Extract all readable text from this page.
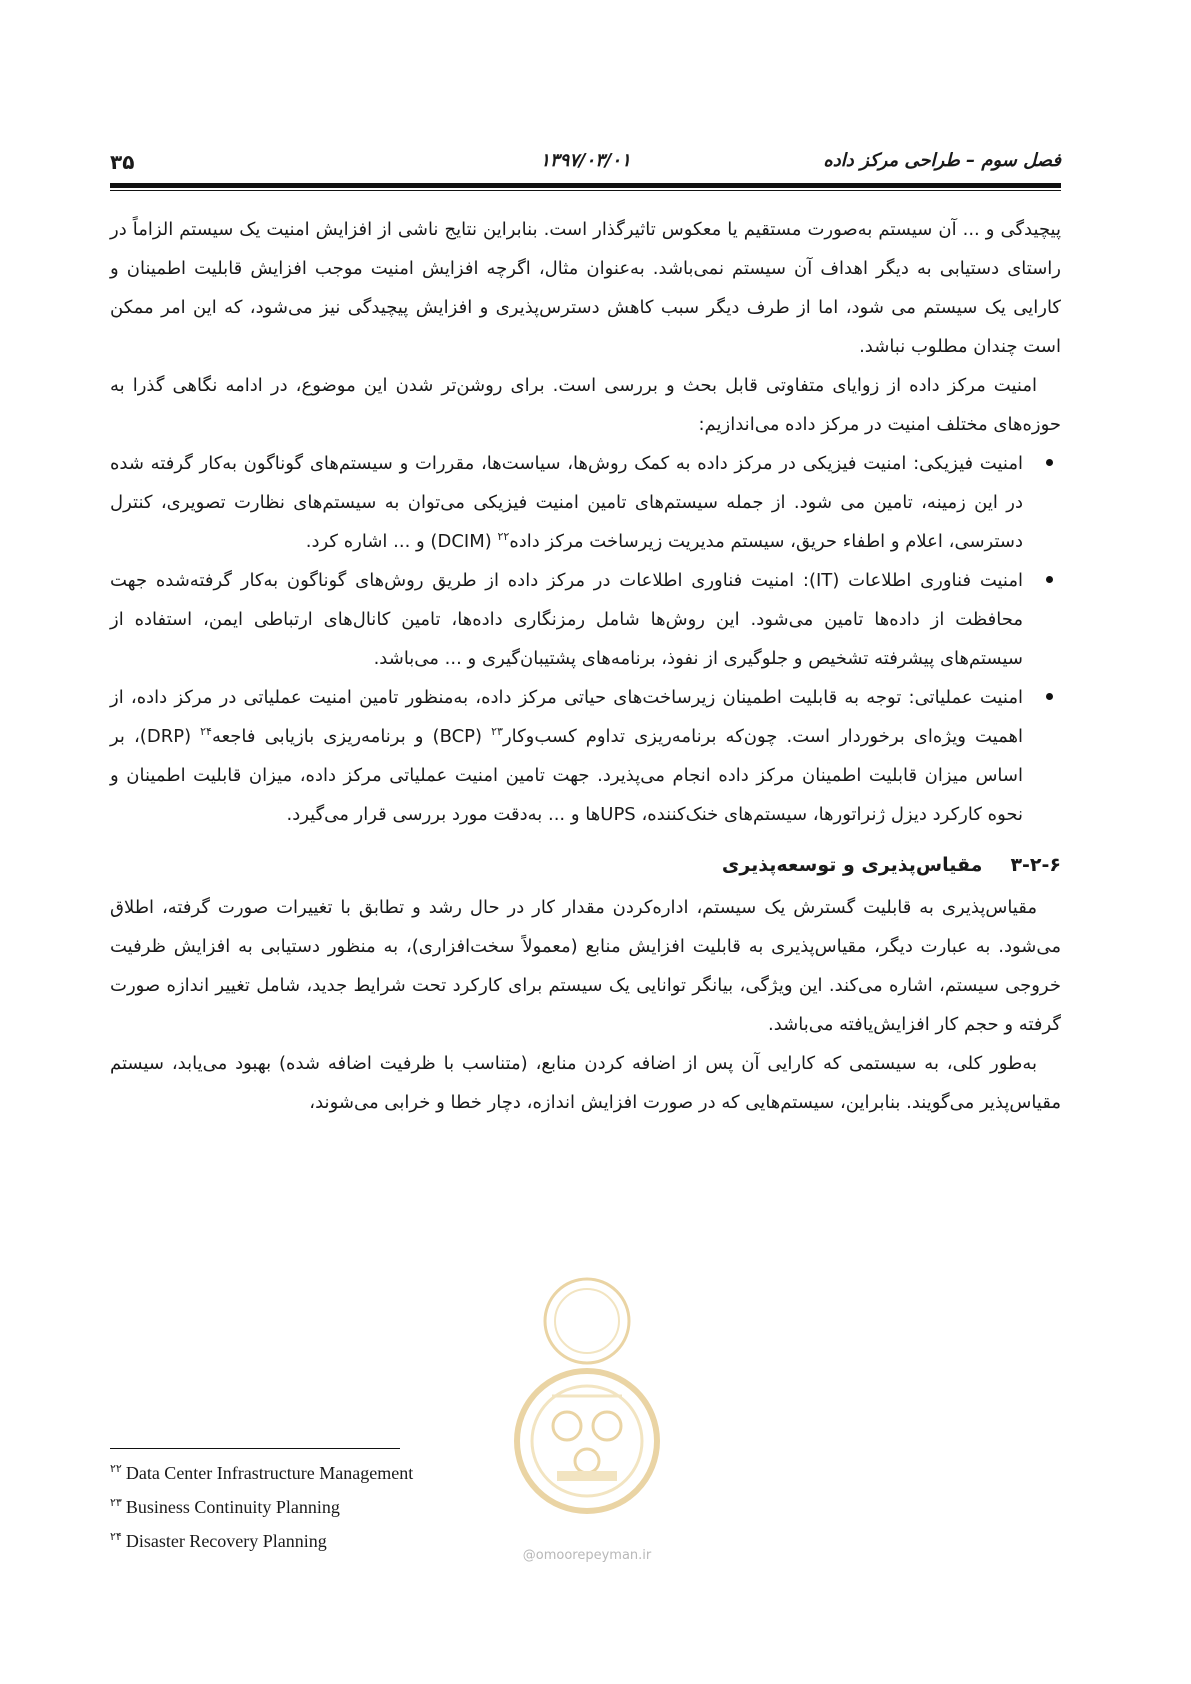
فصل سوم – طراحی مرکز داده
۱۳۹۷/۰۳/۰۱
۳۵

پیچیدگی و ... آن سیستم به‌صورت مستقیم یا معکوس تاثیرگذار است. بنابراین نتایج ناشی از افزایش امنیت یک سیستم الزاماً در راستای دستیابی به دیگر اهداف آن سیستم نمی‌باشد. به‌عنوان مثال، اگرچه افزایش امنیت موجب افزایش قابلیت اطمینان و کارایی یک سیستم می شود، اما از طرف دیگر سبب کاهش دسترس‌پذیری و افزایش پیچیدگی نیز می‌شود، که این امر ممکن است چندان مطلوب نباشد.

امنیت مرکز داده از زوایای متفاوتی قابل بحث و بررسی است. برای روشن‌تر شدن این موضوع، در ادامه نگاهی گذرا به حوزه‌های مختلف امنیت در مرکز داده می‌اندازیم:

امنیت فیزیکی: امنیت فیزیکی در مرکز داده به کمک روش‌ها، سیاست‌ها، مقررات و سیستم‌های گوناگون به‌کار گرفته شده در این زمینه، تامین می شود. از جمله سیستم‌های تامین امنیت فیزیکی می‌توان به سیستم‌های نظارت تصویری، کنترل دسترسی، اعلام و اطفاء حریق، سیستم مدیریت زیرساخت مرکز داده$^{۲۲}$ (DCIM) و ... اشاره کرد.
امنیت فناوری اطلاعات (IT): امنیت فناوری اطلاعات در مرکز داده از طریق روش‌های گوناگون به‌کار گرفته‌شده جهت محافظت از داده‌ها تامین می‌شود. این روش‌ها شامل رمزنگاری داده‌ها، تامین کانال‌های ارتباطی ایمن، استفاده از سیستم‌های پیشرفته تشخیص و جلوگیری از نفوذ، برنامه‌های پشتیبان‌گیری و ... می‌باشد.
امنیت عملیاتی: توجه به قابلیت اطمینان زیرساخت‌های حیاتی مرکز داده، به‌منظور تامین امنیت عملیاتی در مرکز داده، از اهمیت ویژه‌ای برخوردار است. چون‌که برنامه‌ریزی تداوم کسب‌وکار$^{۲۳}$ (BCP) و برنامه‌ریزی بازیابی فاجعه$^{۲۴}$ (DRP)، بر اساس میزان قابلیت اطمینان مرکز داده انجام می‌پذیرد. جهت تامین امنیت عملیاتی مرکز داده، میزان قابلیت اطمینان و نحوه کارکرد دیزل ژنراتورها، سیستم‌های خنک‌کننده، UPSها و ... به‌دقت مورد بررسی قرار می‌گیرد.
۳-۲-۶مقیاس‌پذیری و توسعه‌پذیری

مقیاس‌پذیری به قابلیت گسترش یک سیستم، اداره‌کردن مقدار کار در حال رشد و تطابق با تغییرات صورت گرفته، اطلاق می‌شود. به عبارت دیگر، مقیاس‌پذیری به قابلیت افزایش منابع (معمولاً سخت‌افزاری)، به منظور دستیابی به افزایش ظرفیت خروجی سیستم، اشاره می‌کند. این ویژگی، بیانگر توانایی یک سیستم برای کارکرد تحت شرایط جدید، شامل تغییر اندازه صورت گرفته و حجم کار افزایش‌یافته می‌باشد.

به‌طور کلی، به سیستمی که کارایی آن پس از اضافه کردن منابع، (متناسب با ظرفیت اضافه شده) بهبود می‌یابد، سیستم مقیاس‌پذیر می‌گویند. بنابراین، سیستم‌هایی که در صورت افزایش اندازه، دچار خطا و خرابی می‌شوند،

$^{۲۲}$ Data Center Infrastructure Management
$^{۲۳}$ Business Continuity Planning
$^{۲۴}$ Disaster Recovery Planning
@omoorepeyman.ir
